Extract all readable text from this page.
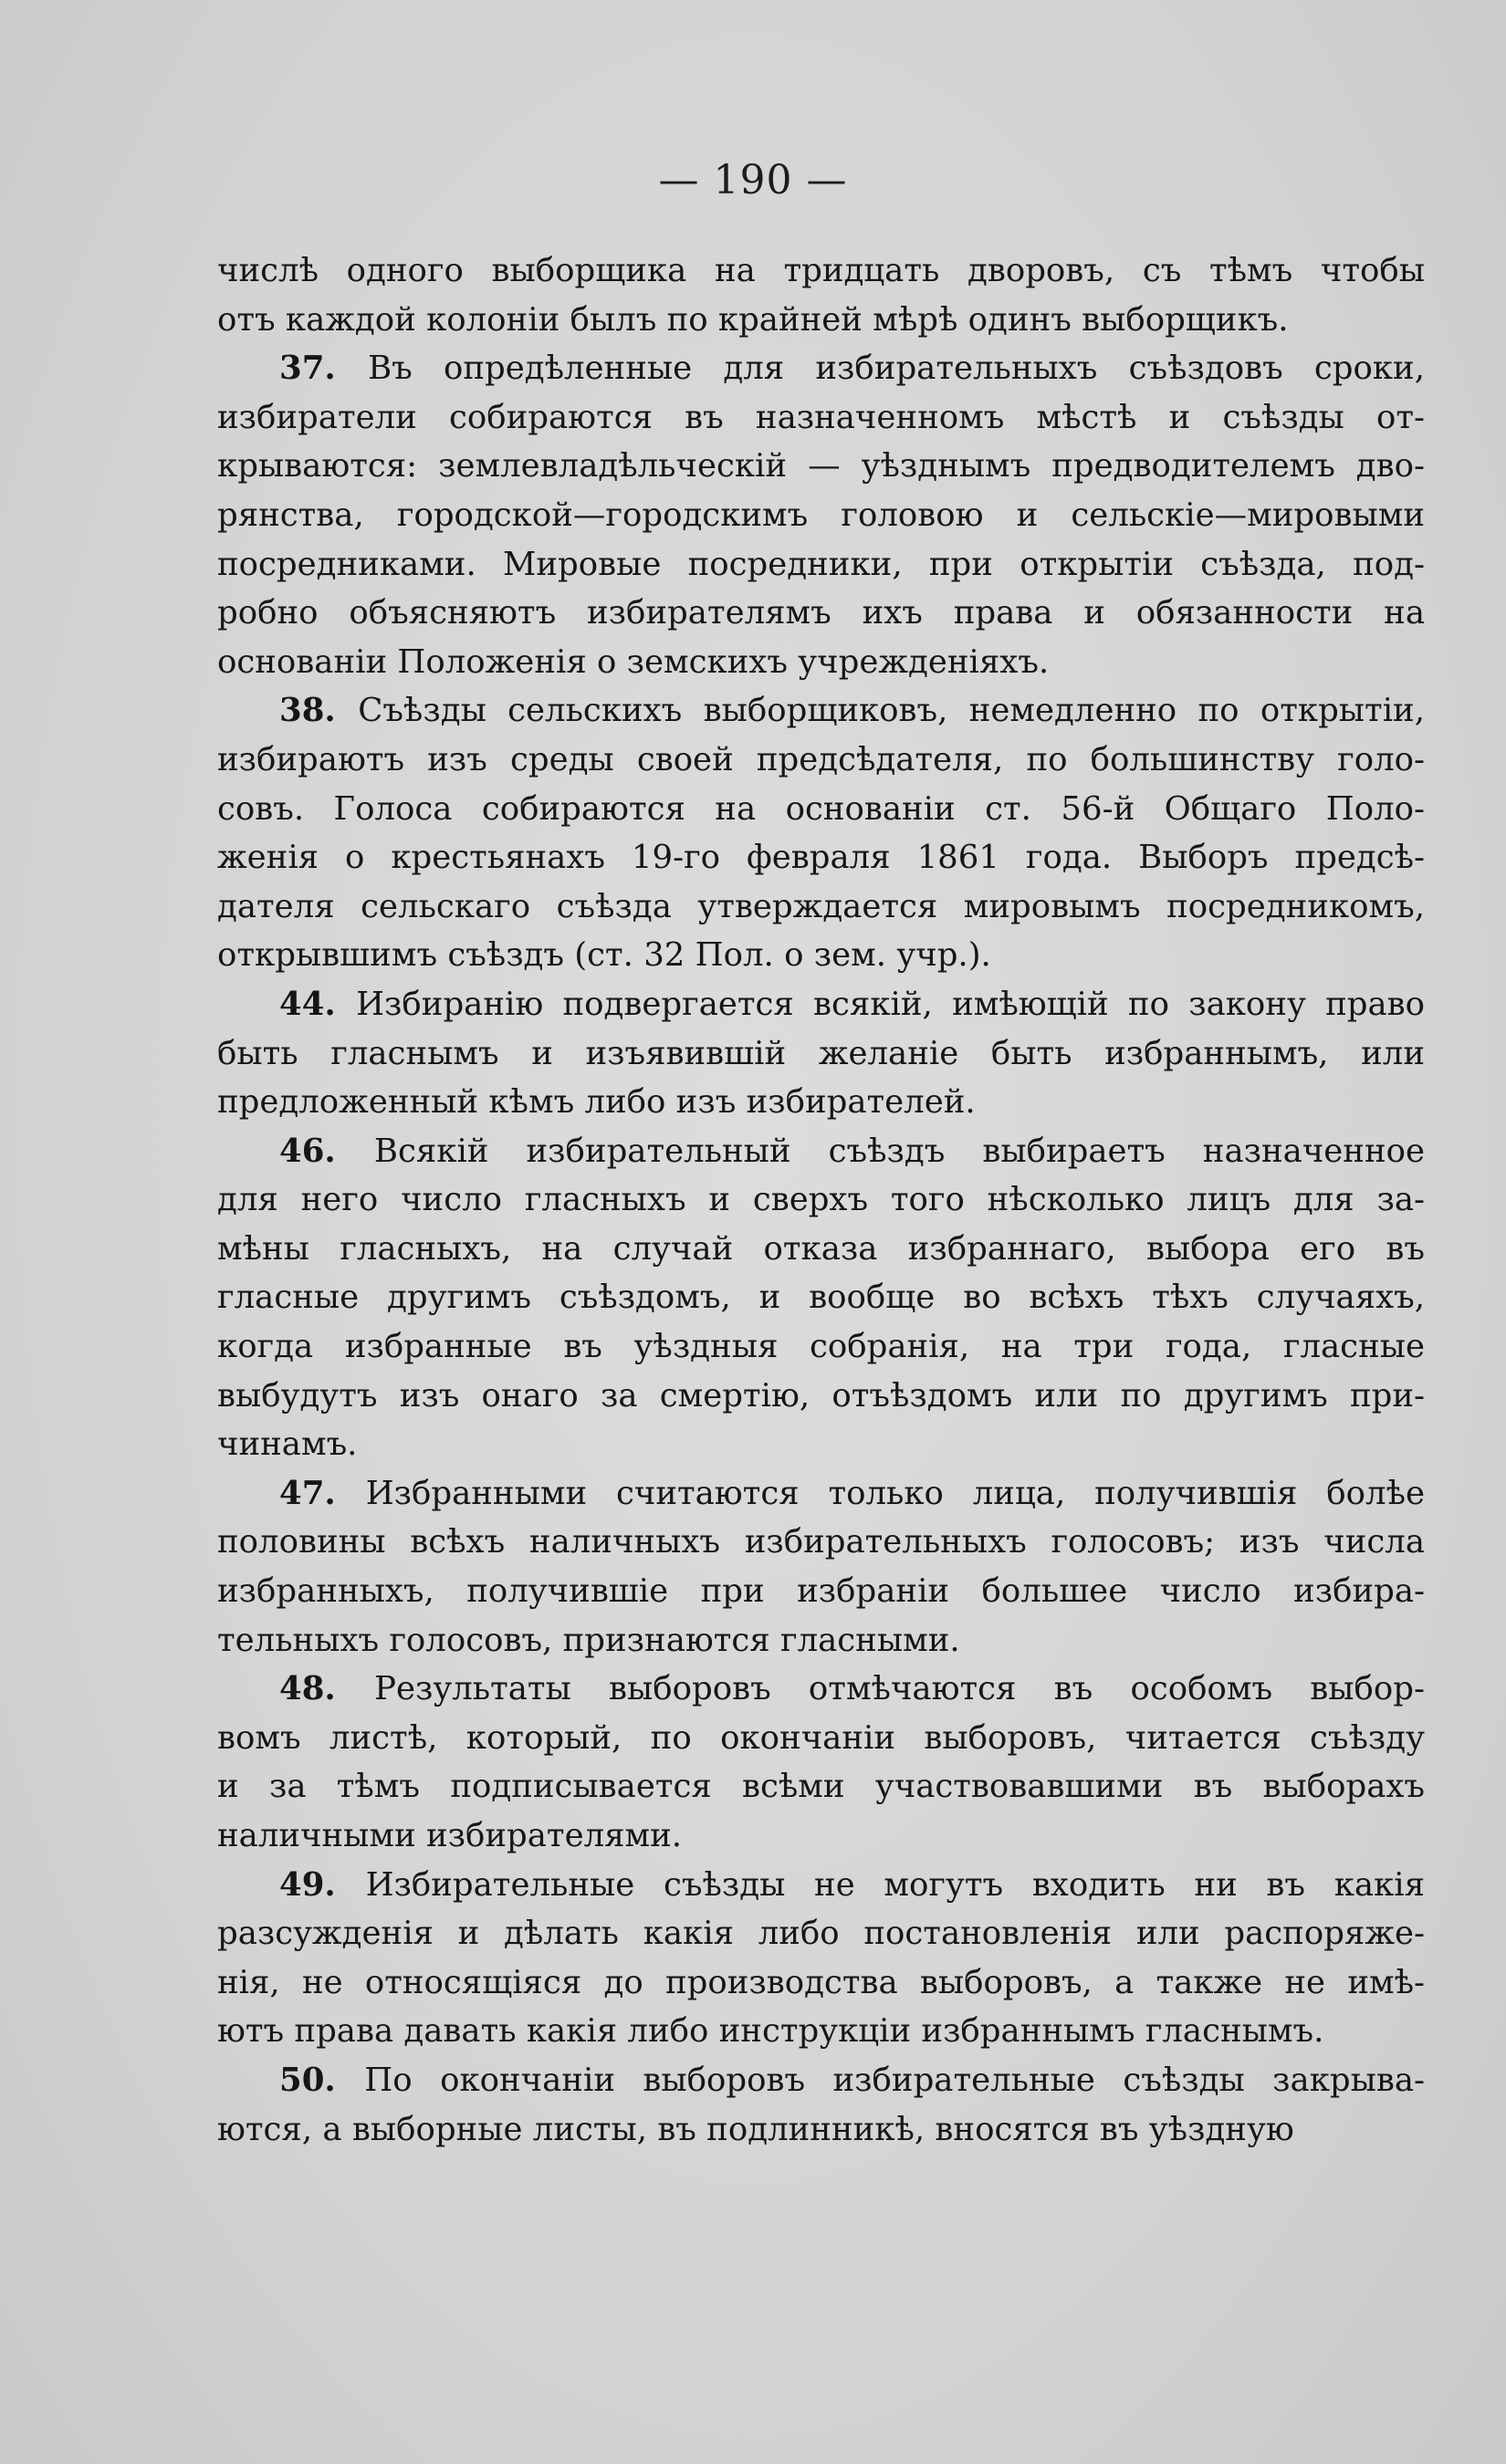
— 190 —
числѣ одного выборщика на тридцать дворовъ, съ тѣмъ чтобы
отъ каждой колоніи былъ по крайней мѣрѣ одинъ выборщикъ.
37. Въ опредѣленные для избирательныхъ съѣздовъ сроки,
избиратели собираются въ назначенномъ мѣстѣ и съѣзды от-
крываются: землевладѣльческій — уѣзднымъ предводителемъ дво-
рянства, городской—городскимъ головою и сельскіе—мировыми
посредниками. Мировые посредники, при открытіи съѣзда, под-
робно объясняютъ избирателямъ ихъ права и обязанности на
основаніи Положенія о земскихъ учрежденіяхъ.
38. Съѣзды сельскихъ выборщиковъ, немедленно по открытіи,
избираютъ изъ среды своей предсѣдателя, по большинству голо-
совъ. Голоса собираются на основаніи ст. 56-й Общаго Поло-
женія о крестьянахъ 19-го февраля 1861 года. Выборъ предсѣ-
дателя сельскаго съѣзда утверждается мировымъ посредникомъ,
открывшимъ съѣздъ (ст. 32 Пол. о зем. учр.).
44. Избиранію подвергается всякій, имѣющій по закону право
быть гласнымъ и изъявившій желаніе быть избраннымъ, или
предложенный кѣмъ либо изъ избирателей.
46. Всякій избирательный съѣздъ выбираетъ назначенное
для него число гласныхъ и сверхъ того нѣсколько лицъ для за-
мѣны гласныхъ, на случай отказа избраннаго, выбора его въ
гласные другимъ съѣздомъ, и вообще во всѣхъ тѣхъ случаяхъ,
когда избранные въ уѣздныя собранія, на три года, гласные
выбудутъ изъ онаго за смертію, отъѣздомъ или по другимъ при-
чинамъ.
47. Избранными считаются только лица, получившія болѣе
половины всѣхъ наличныхъ избирательныхъ голосовъ; изъ числа
избранныхъ, получившіе при избраніи большее число избира-
тельныхъ голосовъ, признаются гласными.
48. Результаты выборовъ отмѣчаются въ особомъ выбор-
вомъ листѣ, который, по окончаніи выборовъ, читается съѣзду
и за тѣмъ подписывается всѣми участвовавшими въ выборахъ
наличными избирателями.
49. Избирательные съѣзды не могутъ входить ни въ какія
разсужденія и дѣлать какія либо постановленія или распоряже-
нія, не относящіяся до производства выборовъ, а также не имѣ-
ютъ права давать какія либо инструкціи избраннымъ гласнымъ.
50. По окончаніи выборовъ избирательные съѣзды закрыва-
ются, а выборные листы, въ подлинникѣ, вносятся въ уѣздную
